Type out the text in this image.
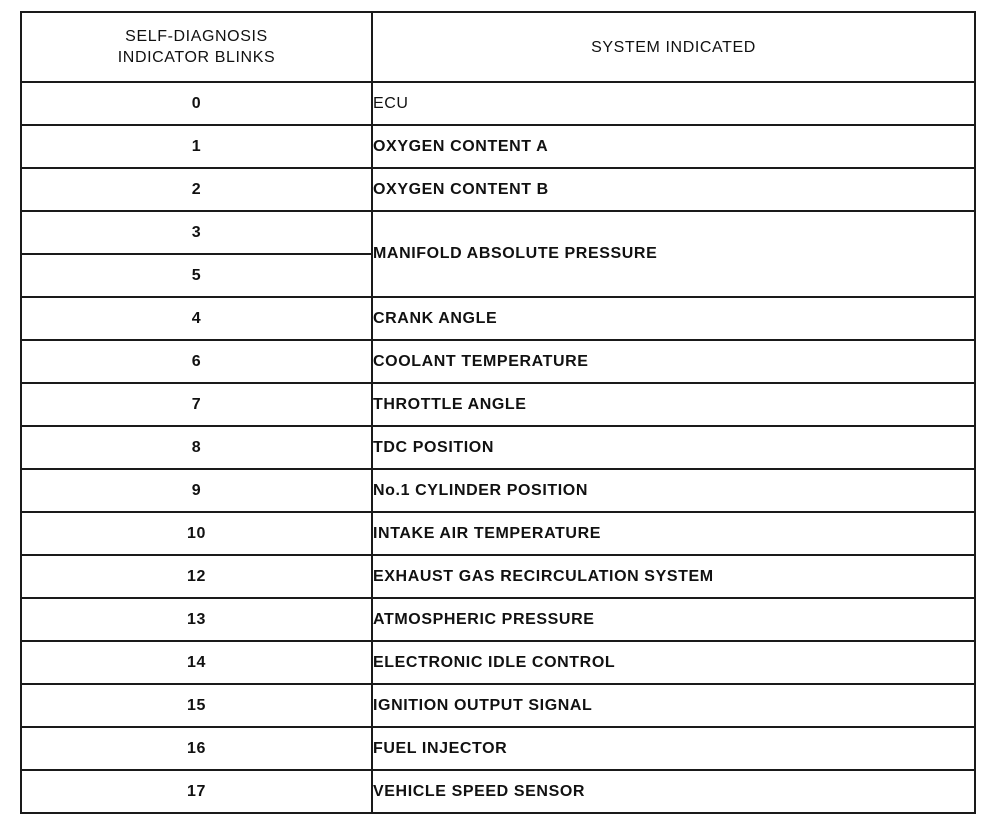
SELF-DIAGNOSIS
INDICATOR BLINKS	SYSTEM INDICATED
0	ECU
1	OXYGEN CONTENT A
2	OXYGEN CONTENT B
3	MANIFOLD ABSOLUTE PRESSURE
5	
4	CRANK ANGLE
6	COOLANT TEMPERATURE
7	THROTTLE ANGLE
8	TDC POSITION
9	No.1 CYLINDER POSITION
10	INTAKE AIR TEMPERATURE
12	EXHAUST GAS RECIRCULATION SYSTEM
13	ATMOSPHERIC PRESSURE
14	ELECTRONIC IDLE CONTROL
15	IGNITION OUTPUT SIGNAL
16	FUEL INJECTOR
17	VEHICLE SPEED SENSOR
